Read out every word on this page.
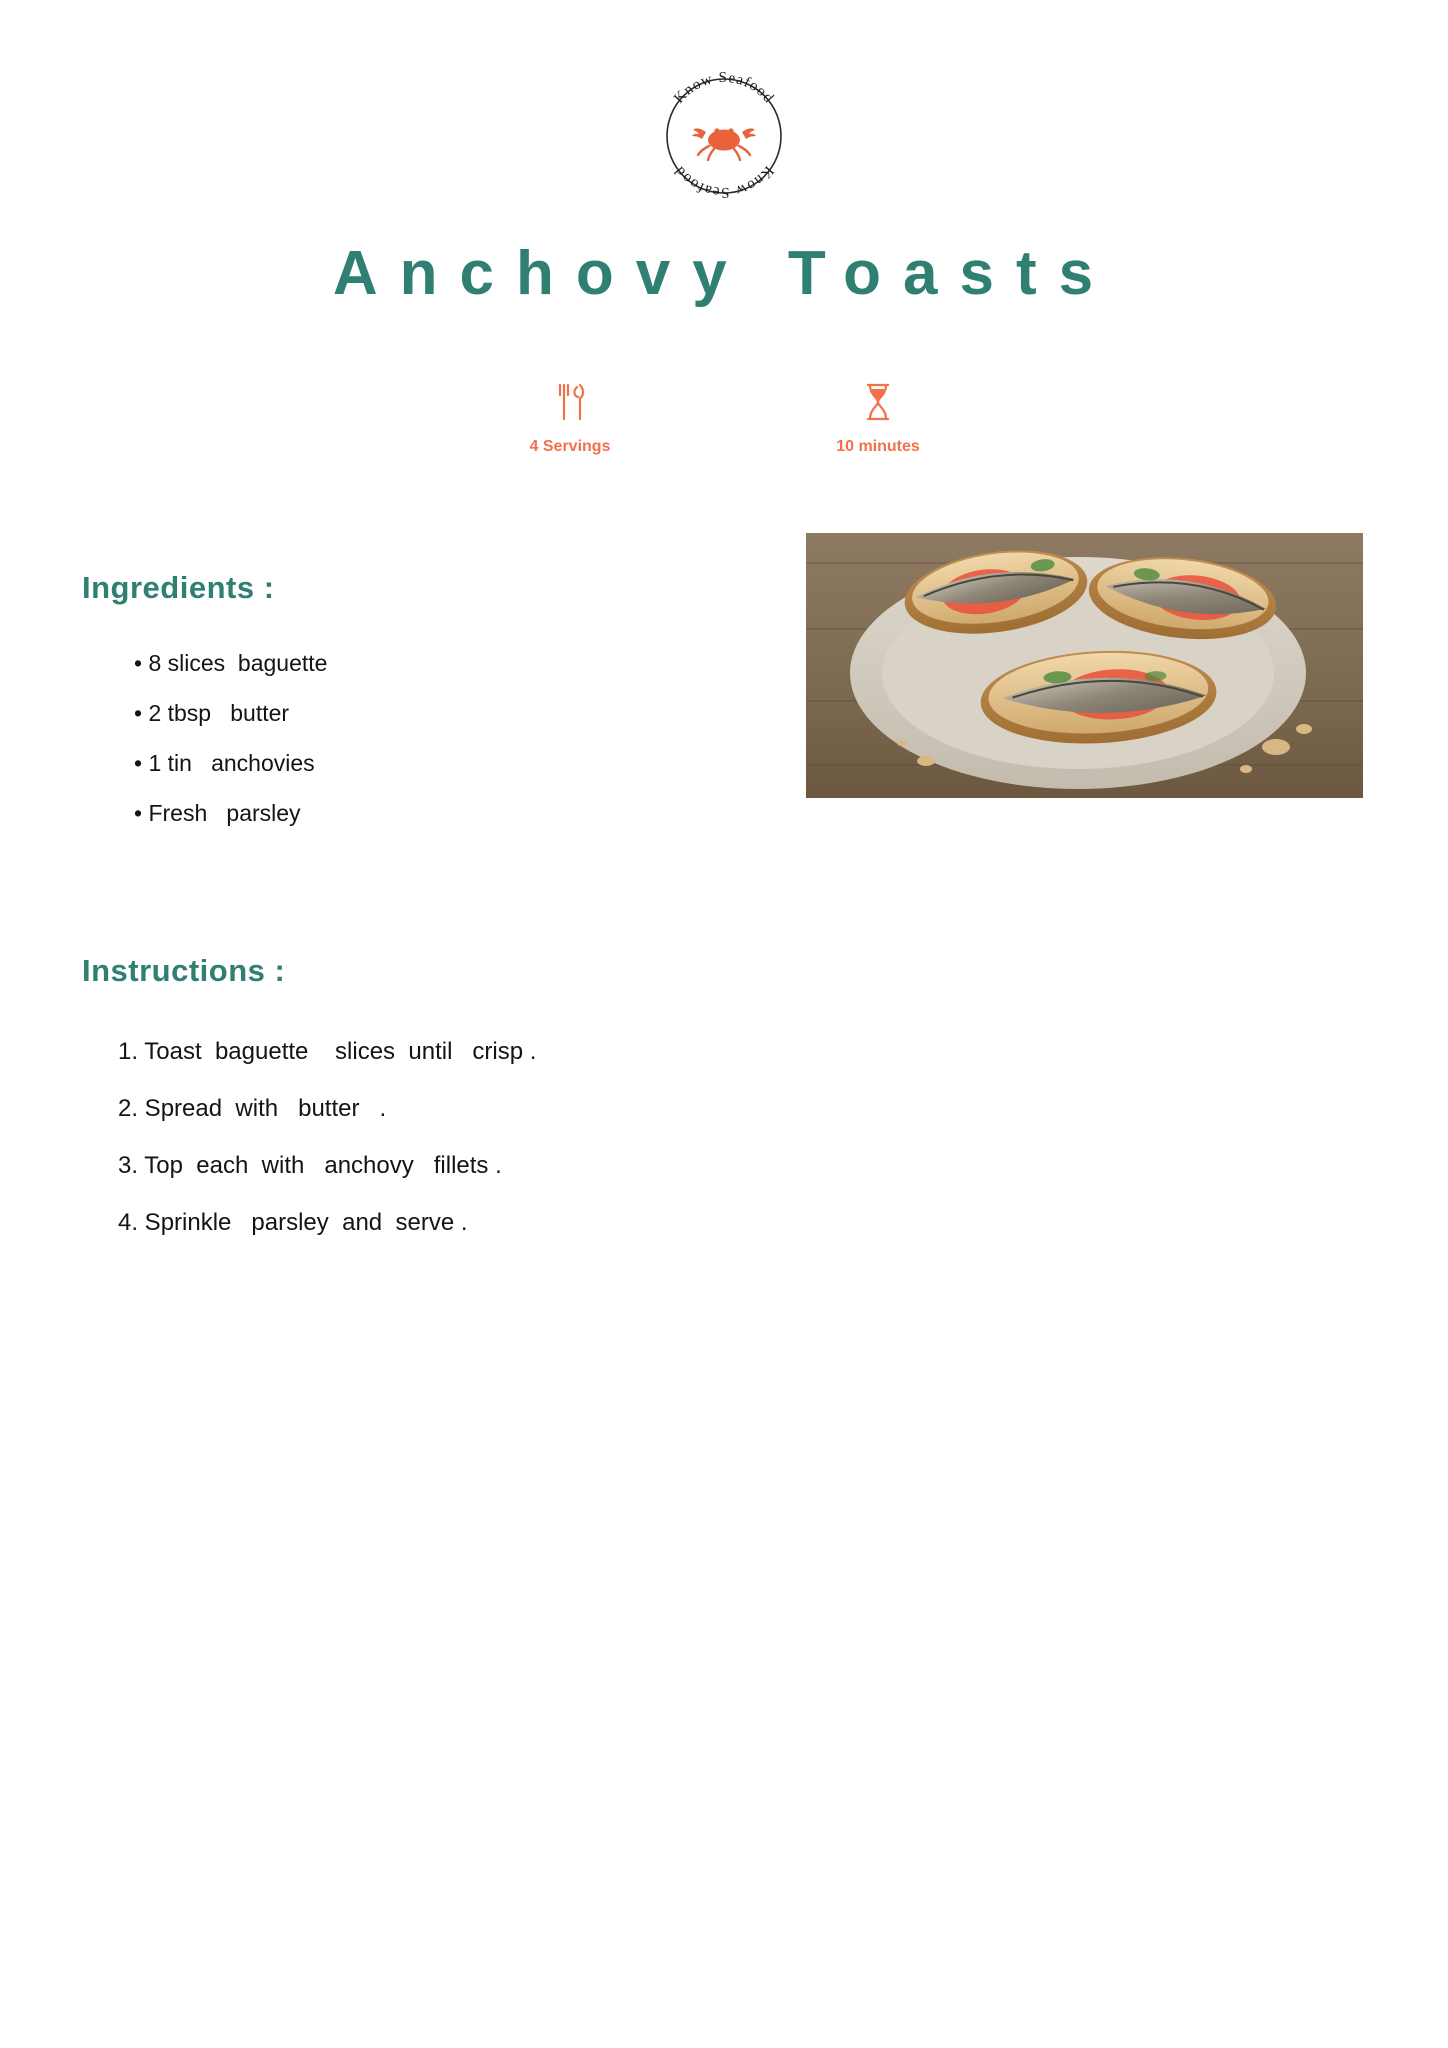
Know Seafood
Know Seafood
Anchovy Toasts
4 Servings	10 minutes
Ingredients :
• 8 slices  baguette
• 2 tbsp   butter
• 1 tin   anchovies
• Fresh   parsley
Instructions :
1. Toast  baguette    slices  until   crisp .
2. Spread  with   butter   .
3. Top  each  with   anchovy   fillets .
4. Sprinkle   parsley  and  serve .
